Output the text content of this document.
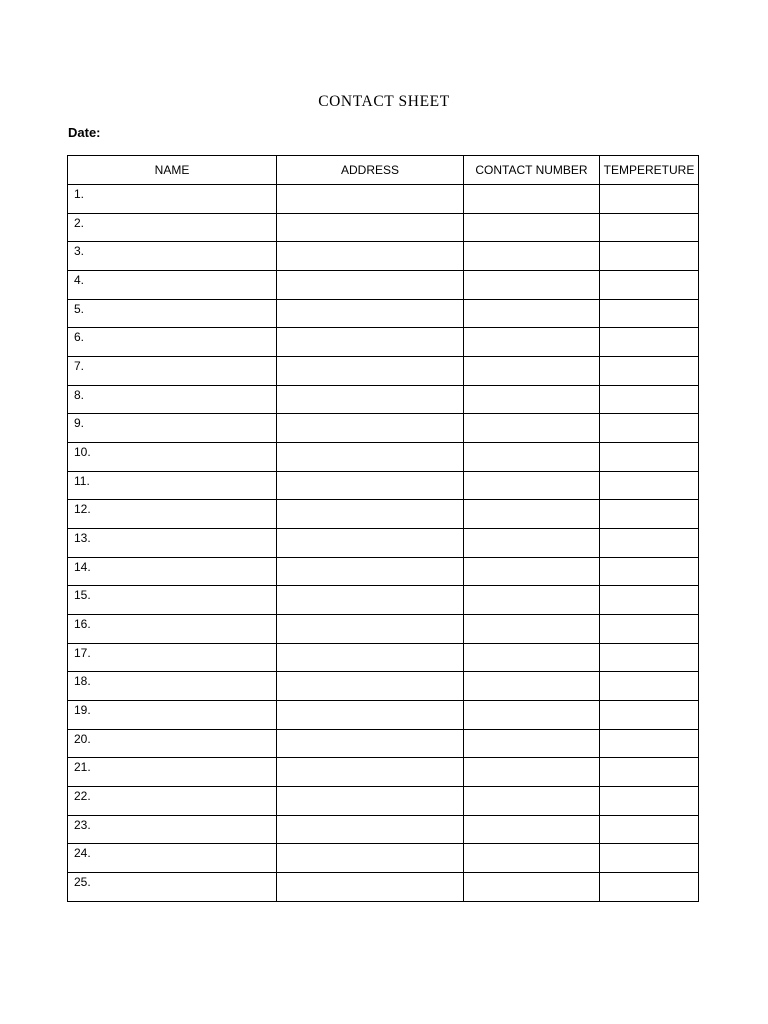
CONTACT SHEET
Date:
NAME	ADDRESS	CONTACT NUMBER	TEMPERETURE
1.			
2.			
3.			
4.			
5.			
6.			
7.			
8.			
9.			
10.			
11.			
12.			
13.			
14.			
15.			
16.			
17.			
18.			
19.			
20.			
21.			
22.			
23.			
24.			
25.			
